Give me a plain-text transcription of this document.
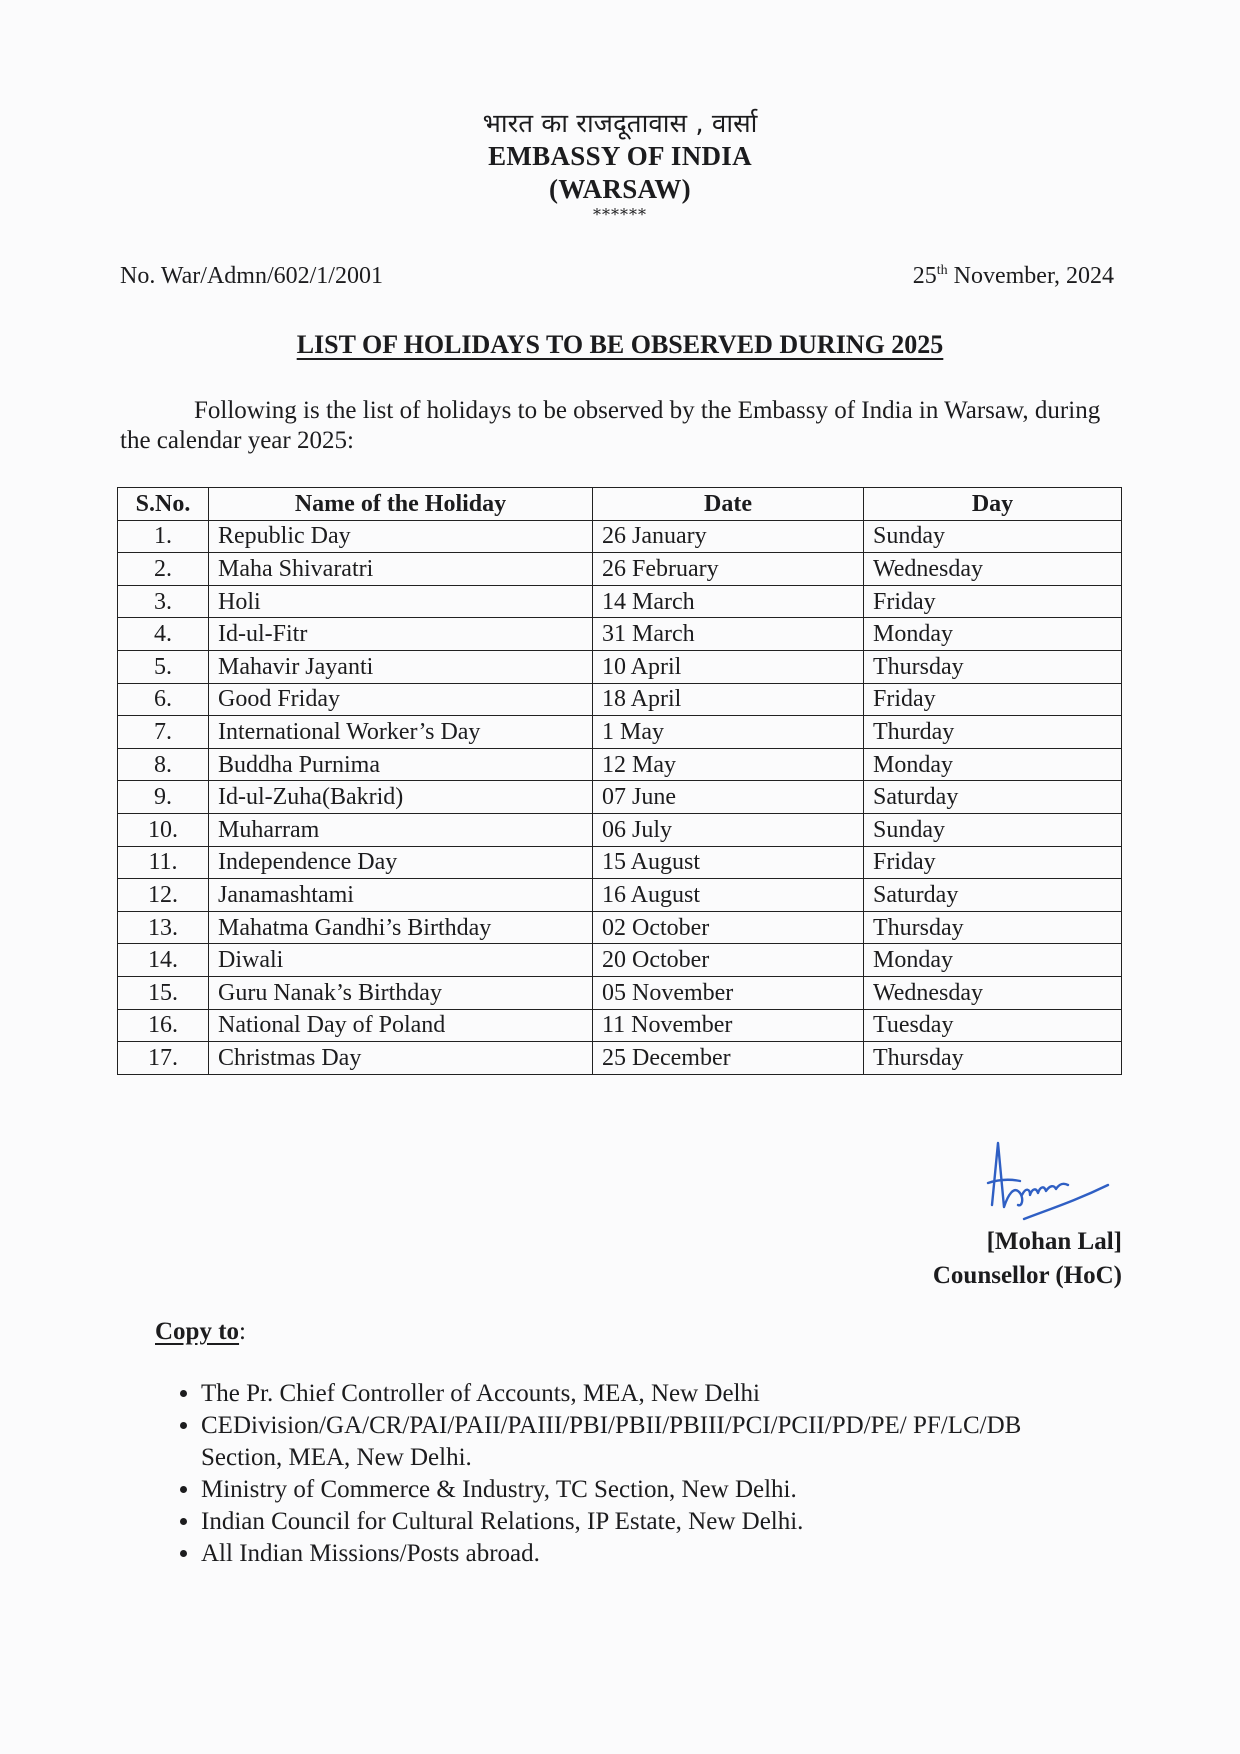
भारत का राजदूतावास , वार्सा
EMBASSY OF INDIA
(WARSAW)
******
No. War/Admn/602/1/2001	25th November, 2024
LIST OF HOLIDAYS TO BE OBSERVED DURING 2025
Following is the list of holidays to be observed by the Embassy of India in Warsaw, during the calendar year 2025:
S.No.	Name of the Holiday	Date	Day
1.	Republic Day	26 January	Sunday
2.	Maha Shivaratri	26 February	Wednesday
3.	Holi	14 March	Friday
4.	Id-ul-Fitr	31 March	Monday
5.	Mahavir Jayanti	10 April	Thursday
6.	Good Friday	18 April	Friday
7.	International Worker’s Day	1 May	Thurday
8.	Buddha Purnima	12 May	Monday
9.	Id-ul-Zuha(Bakrid)	07 June	Saturday
10.	Muharram	06 July	Sunday
11.	Independence Day	15 August	Friday
12.	Janamashtami	16 August	Saturday
13.	Mahatma Gandhi’s Birthday	02 October	Thursday
14.	Diwali	20 October	Monday
15.	Guru Nanak’s Birthday	05 November	Wednesday
16.	National Day of Poland	11 November	Tuesday
17.	Christmas Day	25 December	Thursday
[Mohan Lal]
Counsellor (HoC)
Copy to:
• The Pr. Chief Controller of Accounts, MEA, New Delhi
• CEDivision/GA/CR/PAI/PAII/PAIII/PBI/PBII/PBIII/PCI/PCII/PD/PE/ PF/LC/DB Section, MEA, New Delhi.
• Ministry of Commerce & Industry, TC Section, New Delhi.
• Indian Council for Cultural Relations, IP Estate, New Delhi.
• All Indian Missions/Posts abroad.
